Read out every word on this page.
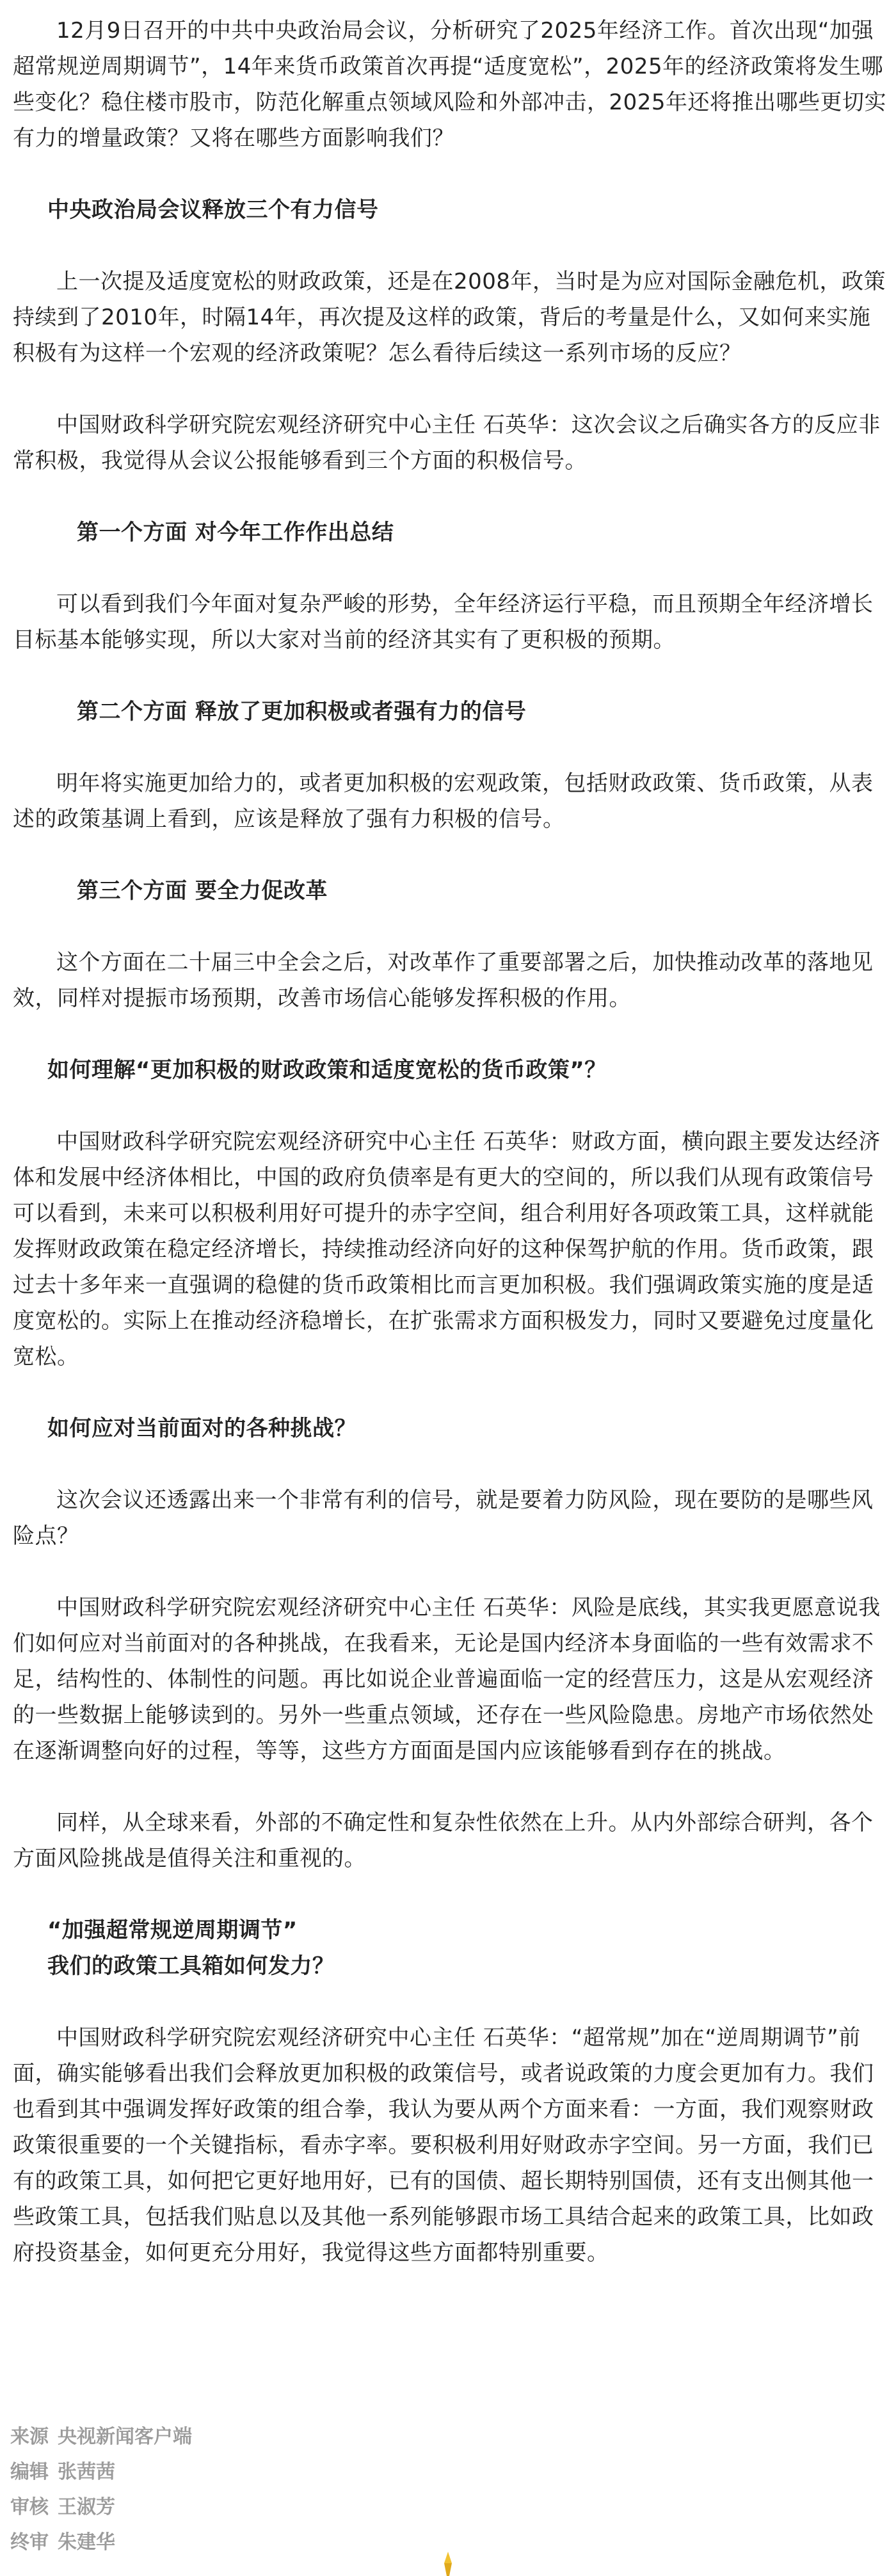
12月9日召开的中共中央政治局会议，分析研究了2025年经济工作。首次出现“加强超常规逆周期调节”，14年来货币政策首次再提“适度宽松”，2025年的经济政策将发生哪些变化？稳住楼市股市，防范化解重点领域风险和外部冲击，2025年还将推出哪些更切实有力的增量政策？又将在哪些方面影响我们？
中央政治局会议释放三个有力信号
上一次提及适度宽松的财政政策，还是在2008年，当时是为应对国际金融危机，政策持续到了2010年，时隔14年，再次提及这样的政策，背后的考量是什么，又如何来实施积极有为这样一个宏观的经济政策呢？怎么看待后续这一系列市场的反应？
中国财政科学研究院宏观经济研究中心主任 石英华：这次会议之后确实各方的反应非常积极，我觉得从会议公报能够看到三个方面的积极信号。
第一个方面 对今年工作作出总结
可以看到我们今年面对复杂严峻的形势，全年经济运行平稳，而且预期全年经济增长目标基本能够实现，所以大家对当前的经济其实有了更积极的预期。
第二个方面 释放了更加积极或者强有力的信号
明年将实施更加给力的，或者更加积极的宏观政策，包括财政政策、货币政策，从表述的政策基调上看到，应该是释放了强有力积极的信号。
第三个方面 要全力促改革
这个方面在二十届三中全会之后，对改革作了重要部署之后，加快推动改革的落地见效，同样对提振市场预期，改善市场信心能够发挥积极的作用。
如何理解“更加积极的财政政策和适度宽松的货币政策”？
中国财政科学研究院宏观经济研究中心主任 石英华：财政方面，横向跟主要发达经济体和发展中经济体相比，中国的政府负债率是有更大的空间的，所以我们从现有政策信号可以看到，未来可以积极利用好可提升的赤字空间，组合利用好各项政策工具，这样就能发挥财政政策在稳定经济增长，持续推动经济向好的这种保驾护航的作用。货币政策，跟过去十多年来一直强调的稳健的货币政策相比而言更加积极。我们强调政策实施的度是适度宽松的。实际上在推动经济稳增长，在扩张需求方面积极发力，同时又要避免过度量化宽松。
如何应对当前面对的各种挑战？
这次会议还透露出来一个非常有利的信号，就是要着力防风险，现在要防的是哪些风险点？
中国财政科学研究院宏观经济研究中心主任 石英华：风险是底线，其实我更愿意说我们如何应对当前面对的各种挑战，在我看来，无论是国内经济本身面临的一些有效需求不足，结构性的、体制性的问题。再比如说企业普遍面临一定的经营压力，这是从宏观经济的一些数据上能够读到的。另外一些重点领域，还存在一些风险隐患。房地产市场依然处在逐渐调整向好的过程，等等，这些方方面面是国内应该能够看到存在的挑战。
同样，从全球来看，外部的不确定性和复杂性依然在上升。从内外部综合研判，各个方面风险挑战是值得关注和重视的。
“加强超常规逆周期调节”
我们的政策工具箱如何发力？
中国财政科学研究院宏观经济研究中心主任 石英华：“超常规”加在“逆周期调节”前面，确实能够看出我们会释放更加积极的政策信号，或者说政策的力度会更加有力。我们也看到其中强调发挥好政策的组合拳，我认为要从两个方面来看：一方面，我们观察财政政策很重要的一个关键指标，看赤字率。要积极利用好财政赤字空间。另一方面，我们已有的政策工具，如何把它更好地用好，已有的国债、超长期特别国债，还有支出侧其他一些政策工具，包括我们贴息以及其他一系列能够跟市场工具结合起来的政策工具，比如政府投资基金，如何更充分用好，我觉得这些方面都特别重要。
来源 央视新闻客户端
编辑 张茜茜
审核 王淑芳
终审 朱建华
